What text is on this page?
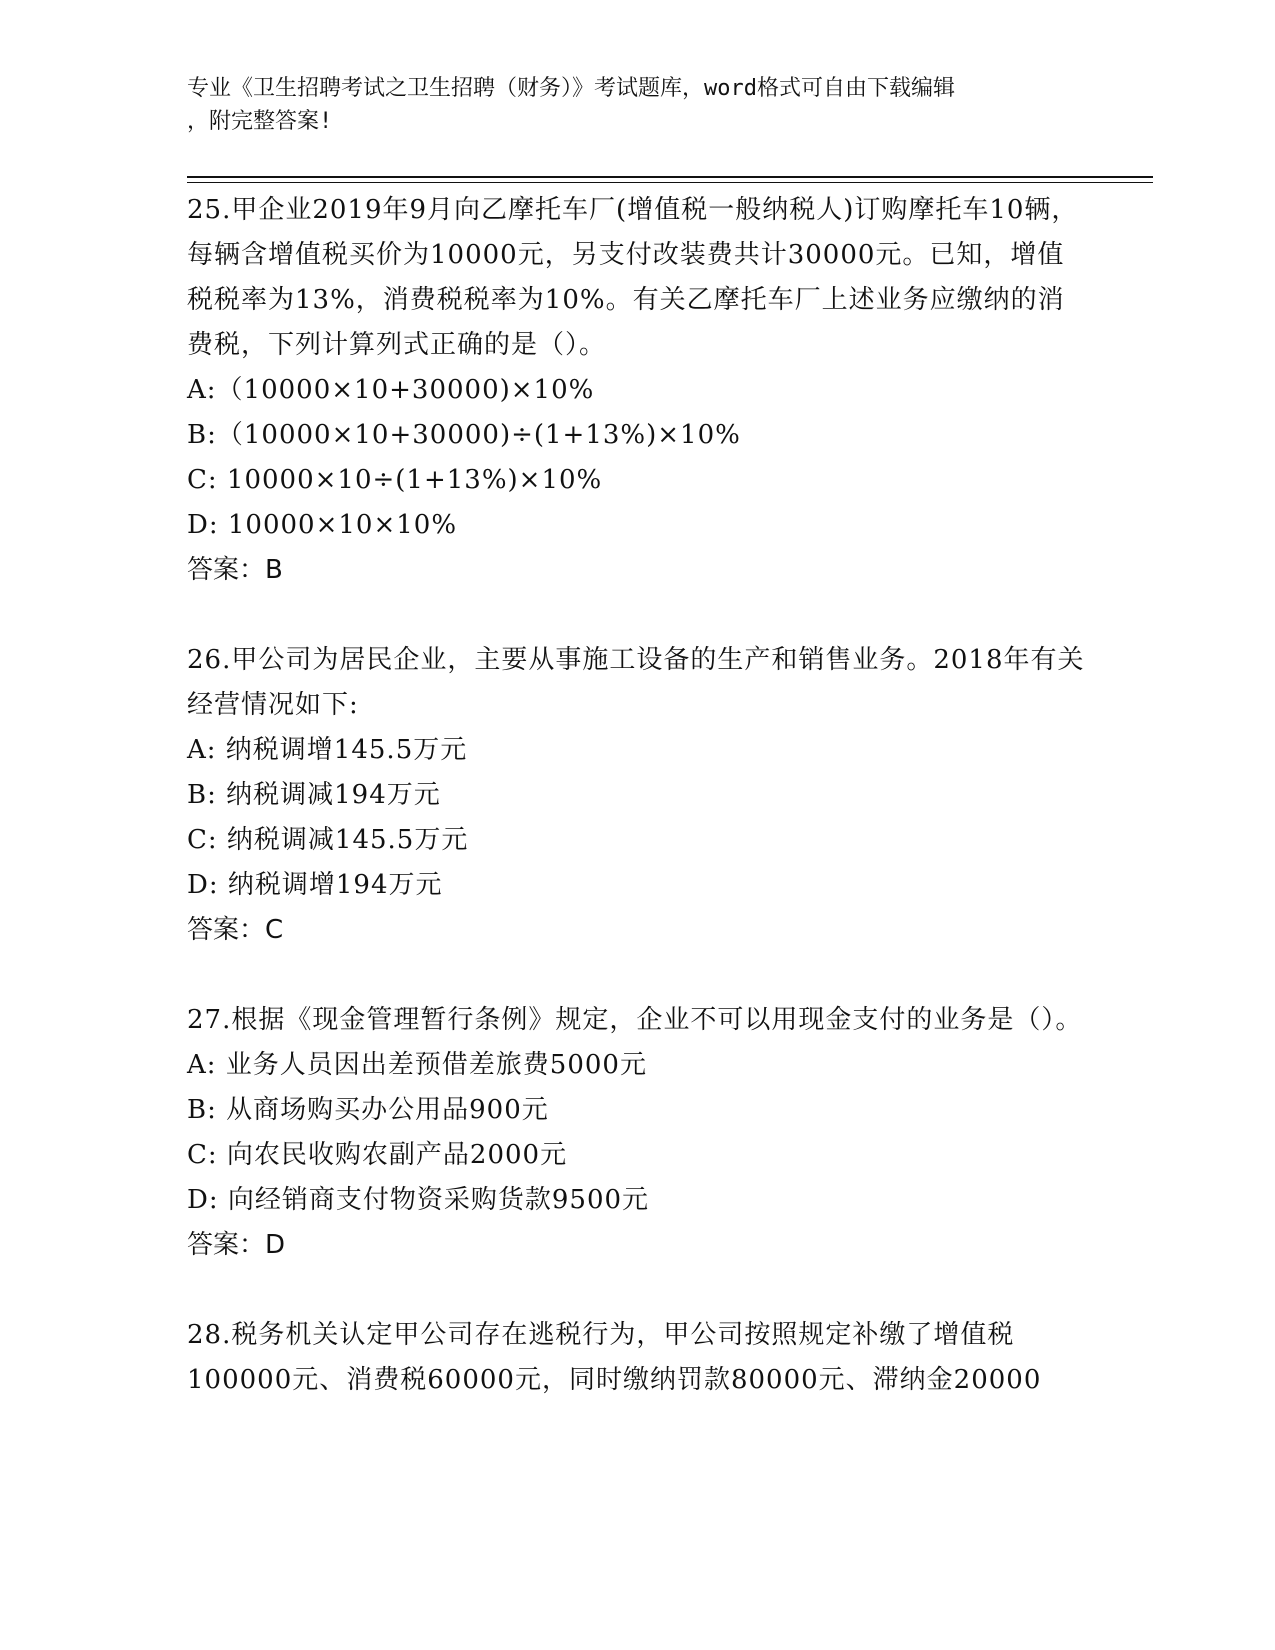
专业《卫生招聘考试之卫生招聘（财务）》考试题库，word格式可自由下载编辑
，附完整答案!

25.甲企业2019年9月向乙摩托车厂(增值税一般纳税人)订购摩托车10辆，每辆含增值税买价为10000元，另支付改装费共计30000元。已知，增值税税率为13%，消费税税率为10%。有关乙摩托车厂上述业务应缴纳的消费税，下列计算列式正确的是（）。

A:（10000×10+30000)×10%

B:（10000×10+30000)÷(1+13%)×10%

C: 10000×10÷(1+13%)×10%

D: 10000×10×10%

答案：B

26.甲公司为居民企业，主要从事施工设备的生产和销售业务。2018年有关经营情况如下:

A: 纳税调增145.5万元

B: 纳税调减194万元

C: 纳税调减145.5万元

D: 纳税调增194万元

答案：C

27.根据《现金管理暂行条例》规定，企业不可以用现金支付的业务是（）。

A: 业务人员因出差预借差旅费5000元

B: 从商场购买办公用品900元

C: 向农民收购农副产品2000元

D: 向经销商支付物资采购货款9500元

答案：D

28.税务机关认定甲公司存在逃税行为，甲公司按照规定补缴了增值税100000元、消费税60000元，同时缴纳罚款80000元、滞纳金20000
